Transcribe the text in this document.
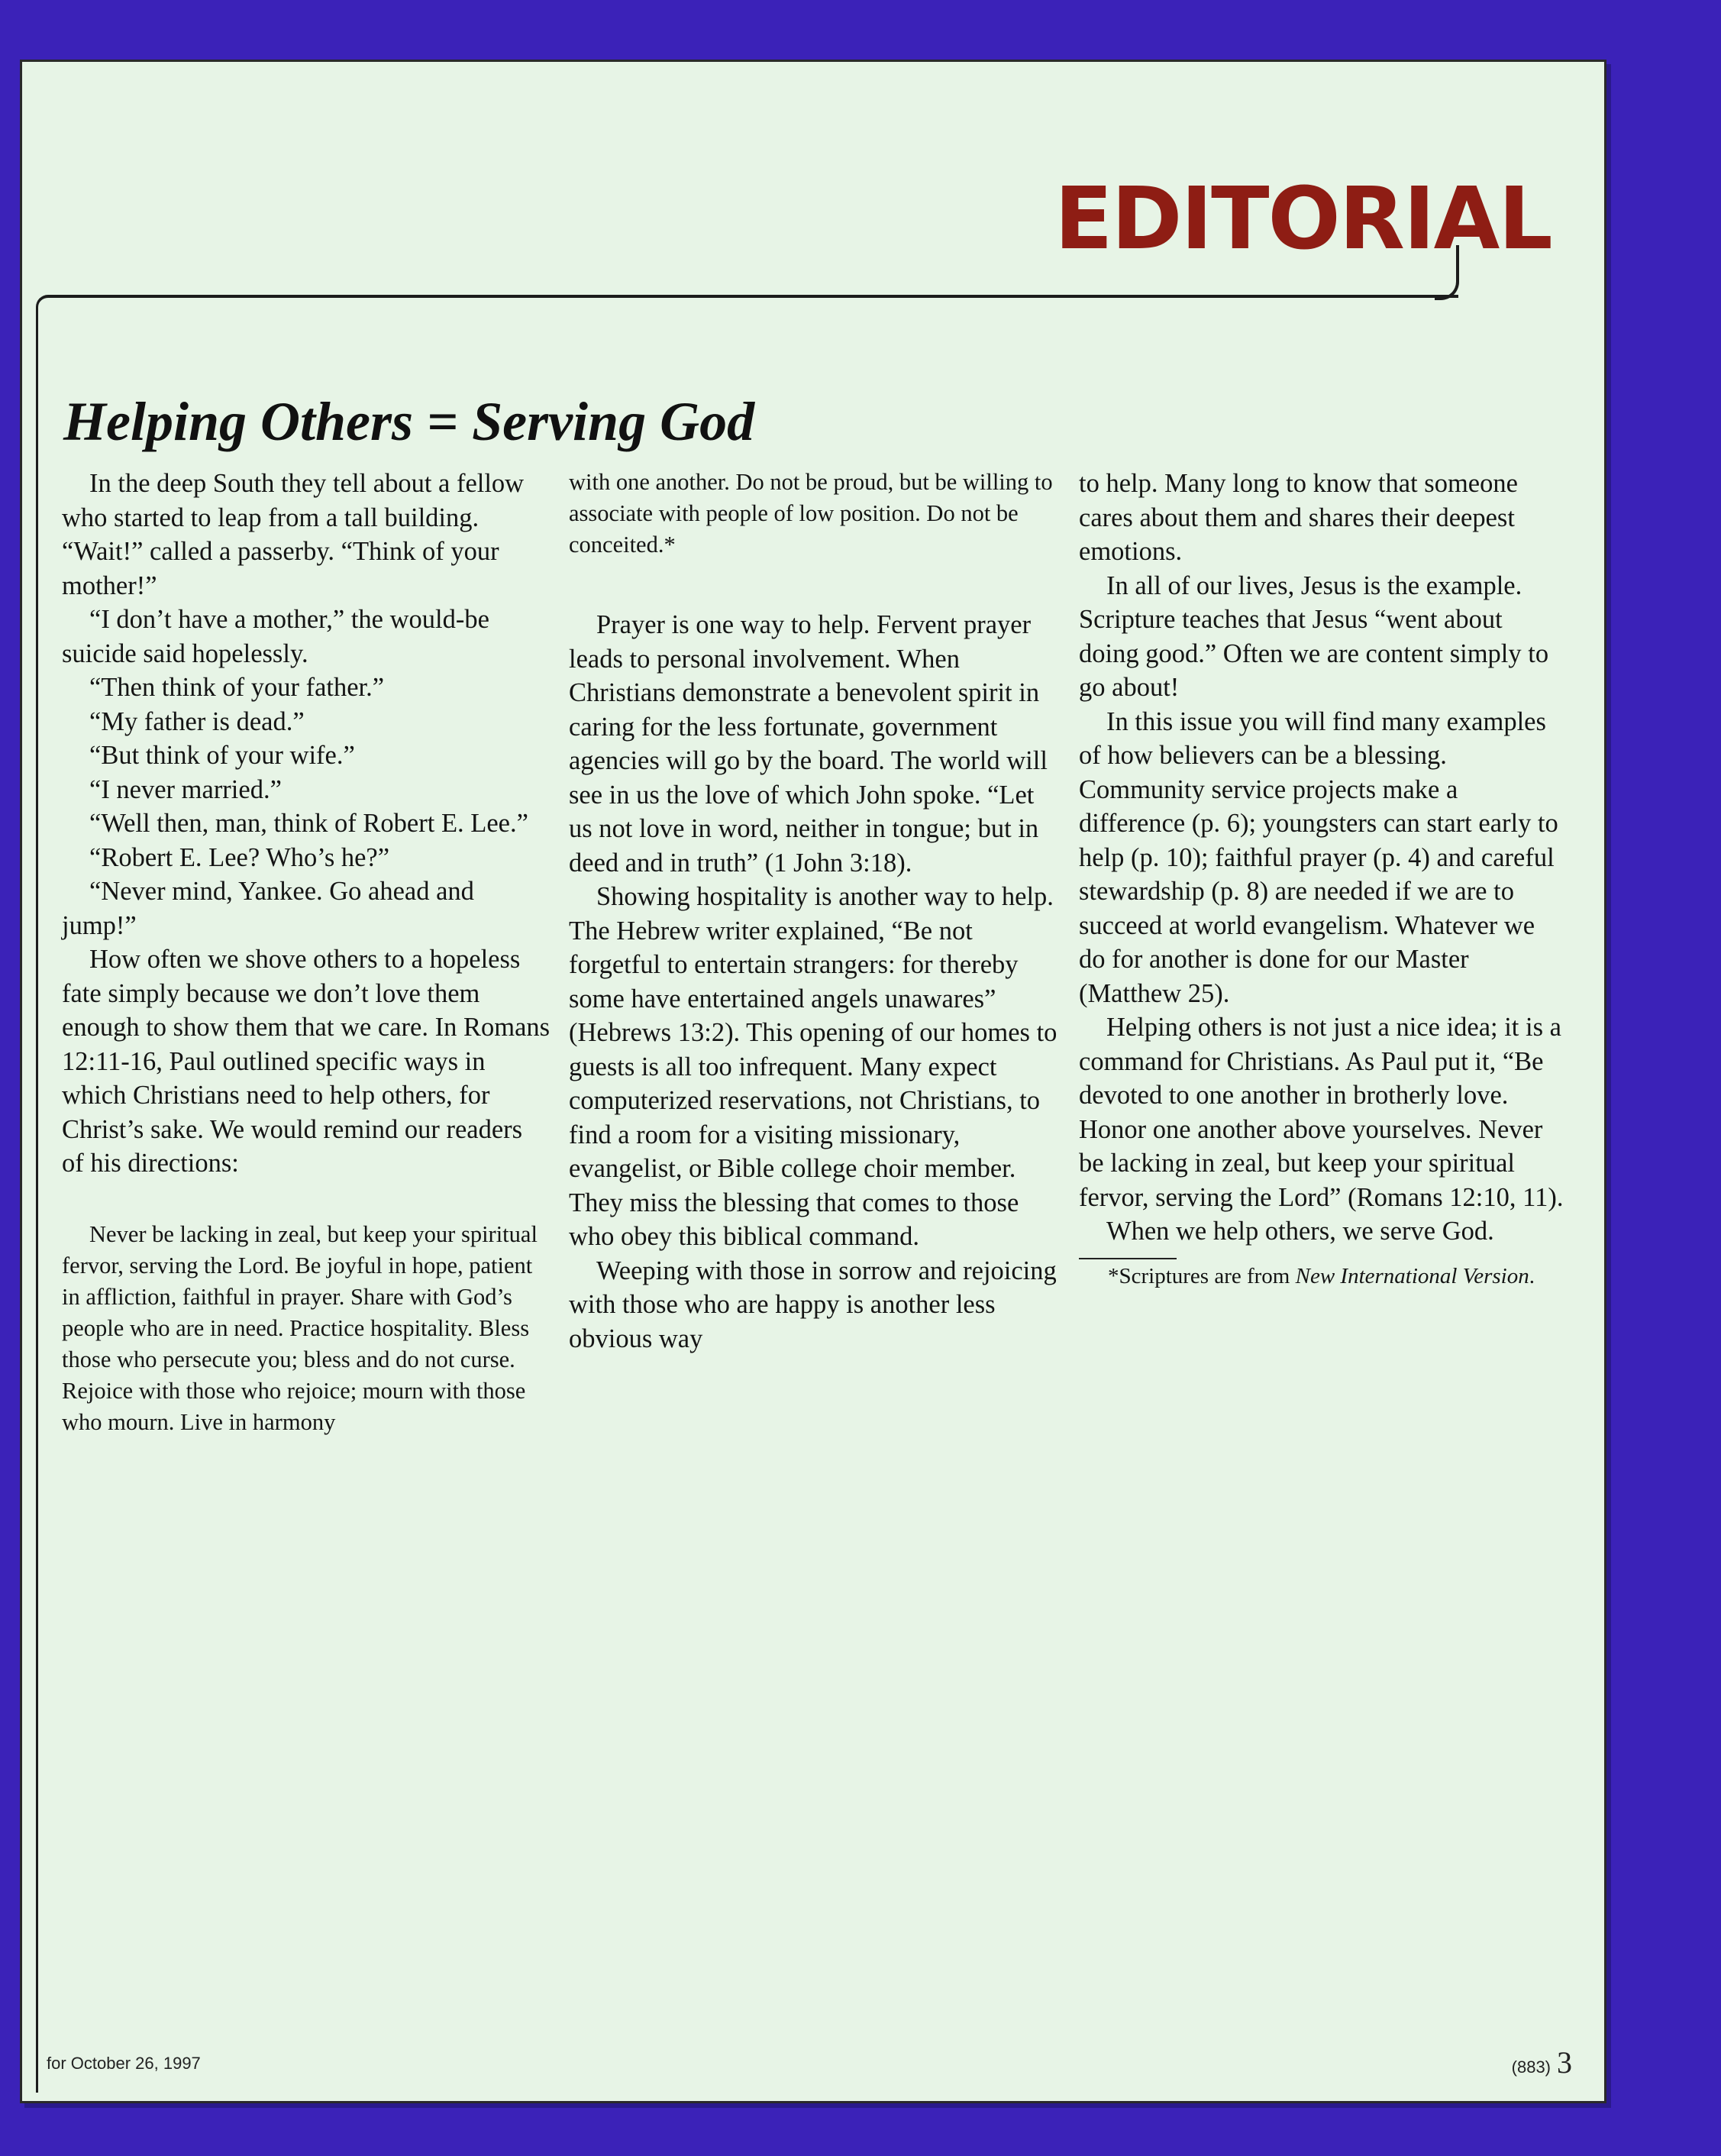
EDITORIAL
Helping Others = Serving God

In the deep South they tell about a fellow who started to leap from a tall building. “Wait!” called a passerby. “Think of your mother!”

“I don’t have a mother,” the would-be suicide said hopelessly.

“Then think of your father.”

“My father is dead.”

“But think of your wife.”

“I never married.”

“Well then, man, think of Robert E. Lee.”

“Robert E. Lee? Who’s he?”

“Never mind, Yankee. Go ahead and jump!”

How often we shove others to a hopeless fate simply because we don’t love them enough to show them that we care. In Romans 12:11-16, Paul outlined specific ways in which Christians need to help others, for Christ’s sake. We would remind our readers of his directions:

Never be lacking in zeal, but keep your spiritual fervor, serving the Lord. Be joyful in hope, patient in affliction, faithful in prayer. Share with God’s people who are in need. Practice hospitality. Bless those who persecute you; bless and do not curse. Rejoice with those who rejoice; mourn with those who mourn. Live in harmony
with one another. Do not be proud, but be willing to associate with people of low position. Do not be conceited.*

Prayer is one way to help. Fervent prayer leads to personal involvement. When Christians demonstrate a benevolent spirit in caring for the less fortunate, government agencies will go by the board. The world will see in us the love of which John spoke. “Let us not love in word, neither in tongue; but in deed and in truth” (1 John 3:18).

Showing hospitality is another way to help. The Hebrew writer explained, “Be not forgetful to entertain strangers: for thereby some have entertained angels unawares” (Hebrews 13:2). This opening of our homes to guests is all too infrequent. Many expect computerized reservations, not Christians, to find a room for a visiting missionary, evangelist, or Bible college choir member. They miss the blessing that comes to those who obey this biblical command.

Weeping with those in sorrow and rejoicing with those who are happy is another less obvious way

to help. Many long to know that someone cares about them and shares their deepest emotions.

In all of our lives, Jesus is the example. Scripture teaches that Jesus “went about doing good.” Often we are content simply to go about!

In this issue you will find many examples of how believers can be a blessing. Community service projects make a difference (p. 6); youngsters can start early to help (p. 10); faithful prayer (p. 4) and careful stewardship (p. 8) are needed if we are to succeed at world evangelism. Whatever we do for another is done for our Master (Matthew 25).

Helping others is not just a nice idea; it is a command for Christians. As Paul put it, “Be devoted to one another in brotherly love. Honor one another above yourselves. Never be lacking in zeal, but keep your spiritual fervor, serving the Lord” (Romans 12:10, 11).

When we help others, we serve God.

*Scriptures are from New International Version.
for October 26, 1997	(883) 3
